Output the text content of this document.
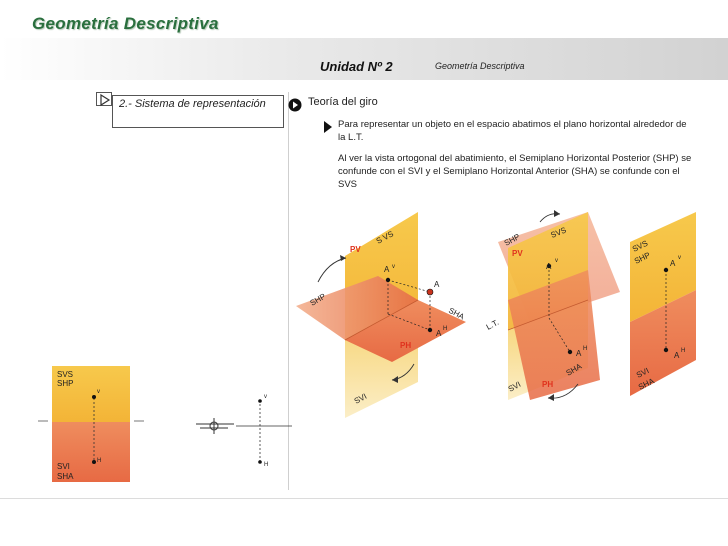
Geometría Descriptiva
Unidad Nº 2	Geometría Descriptiva
2.- Sistema de representación	Teoría del giro
Para representar un objeto en el espacio abatimos el plano horizontal alrededor de la L.T.
Al ver la vista ortogonal del abatimiento, el Semiplano Horizontal Posterior (SHP) se confunde con el SVI y el Semiplano Horizontal Anterior (SHA) se confunde con el SVS
SVS
SHP
SVI
SHA
v
H
v
H
S VS
PV
SHP
SHA
PH
SVI
A v
A
A H
SHP	SVS
PV
L.T.
SHA
PH
SVI
A
v
A H
SVS
SHP
SVI
SHA
A
v
A H
